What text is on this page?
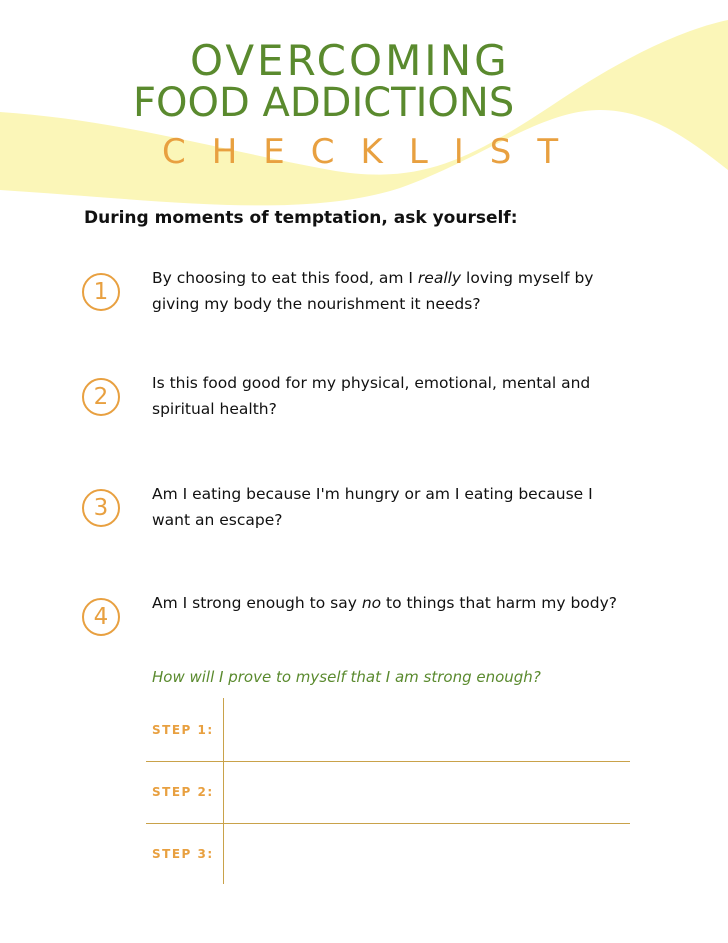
OVERCOMING
FOOD ADDICTIONS
CHECKLIST
During moments of temptation, ask yourself:
1
By choosing to eat this food, am I really loving myself by giving my body the nourishment it needs?
2
Is this food good for my physical, emotional, mental and spiritual health?
3
Am I eating because I'm hungry or am I eating because I want an escape?
4
Am I strong enough to say no to things that harm my body?
How will I prove to myself that I am strong enough?
STEP 1:
STEP 2:
STEP 3:
